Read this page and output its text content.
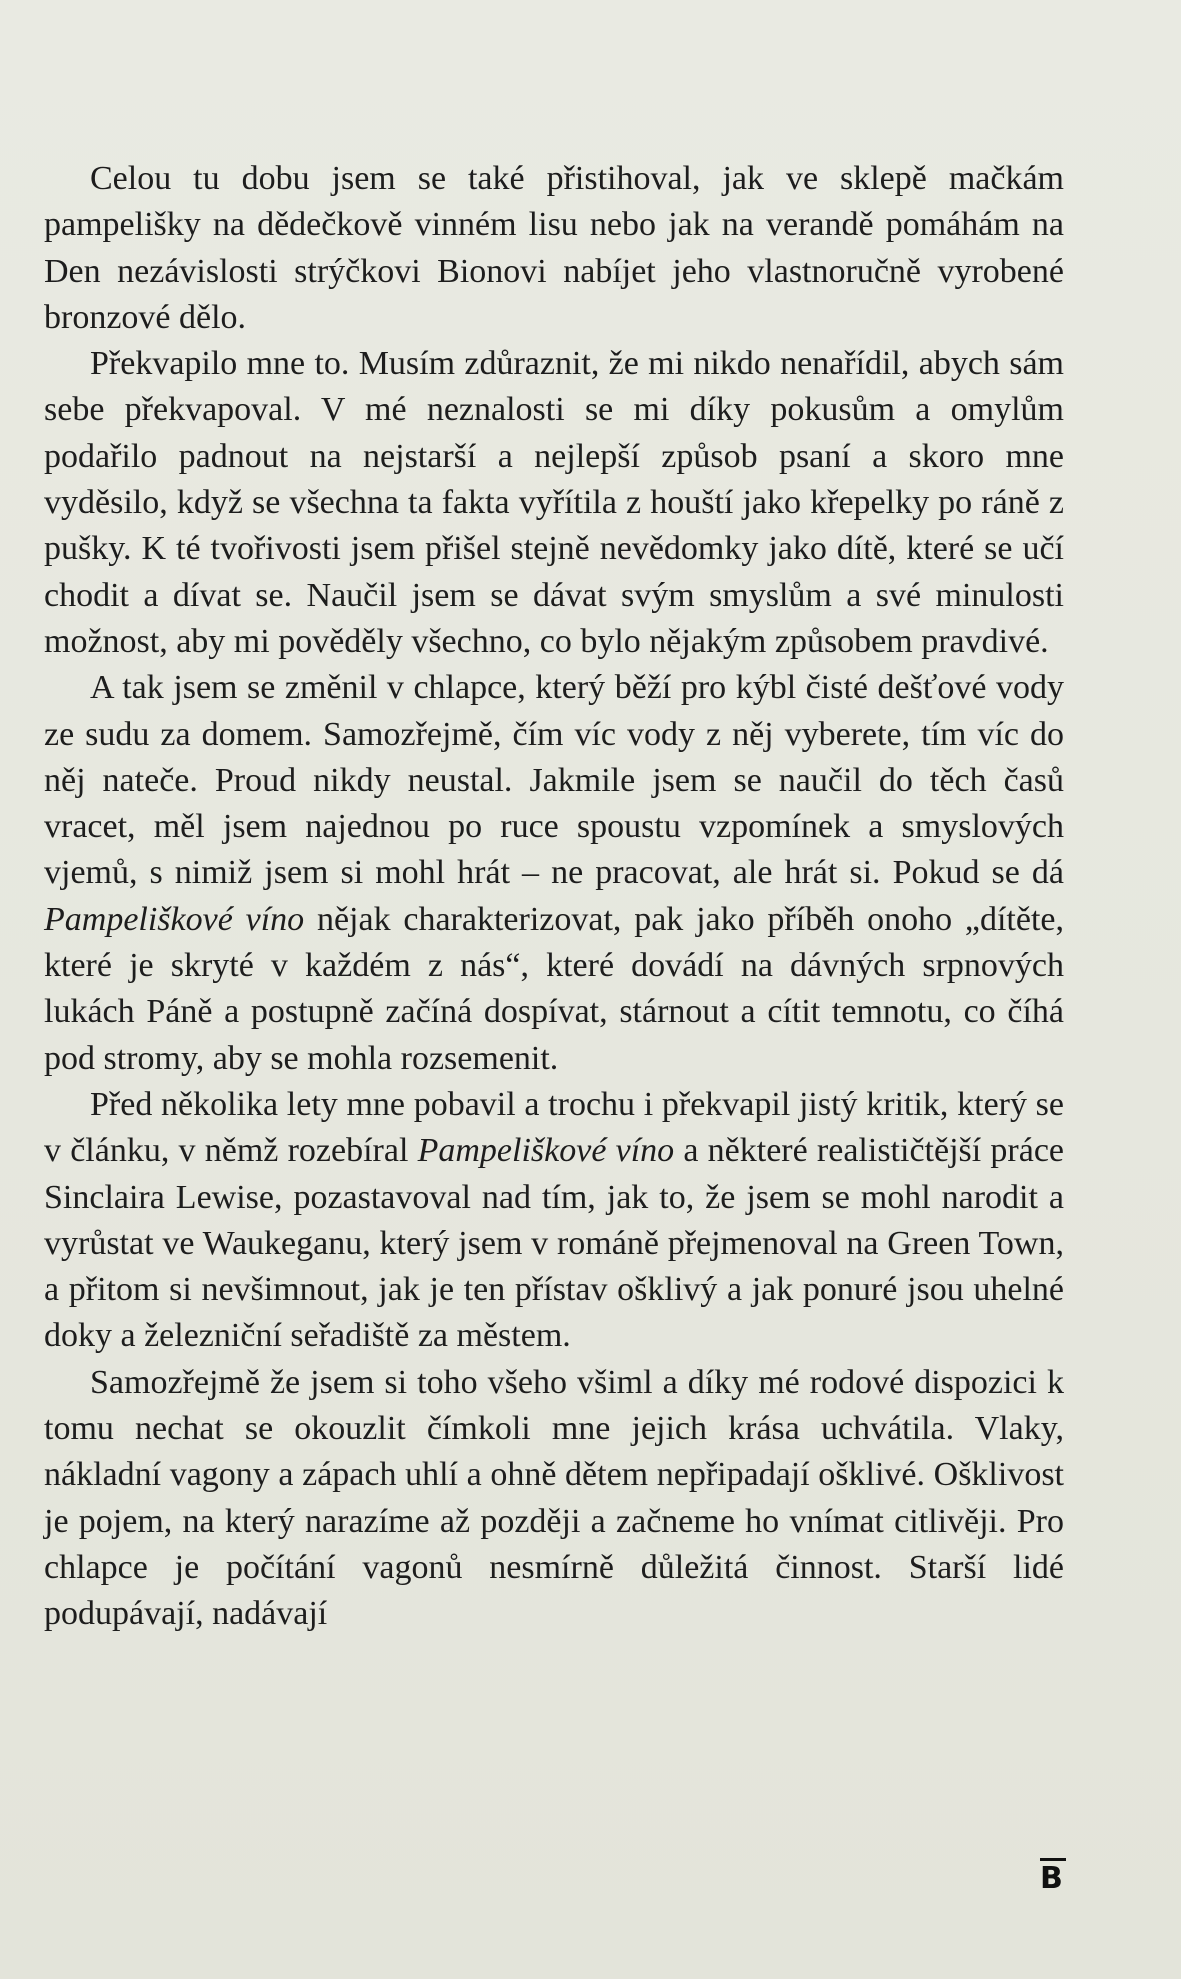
Celou tu dobu jsem se také přistihoval, jak ve sklepě mačkám pampelišky na dědečkově vinném lisu nebo jak na verandě pomáhám na Den nezávislosti strýčkovi Bionovi nabíjet jeho vlastnoručně vyrobené bronzové dělo.

Překvapilo mne to. Musím zdůraznit, že mi nikdo nenařídil, abych sám sebe překvapoval. V mé neznalosti se mi díky pokusům a omylům podařilo padnout na nejstarší a nejlepší způsob psaní a skoro mne vyděsilo, když se všechna ta fakta vyřítila z houští jako křepelky po ráně z pušky. K té tvořivosti jsem přišel stejně nevědomky jako dítě, které se učí chodit a dívat se. Naučil jsem se dávat svým smyslům a své minulosti možnost, aby mi pověděly všechno, co bylo nějakým způsobem pravdivé.

A tak jsem se změnil v chlapce, který běží pro kýbl čisté dešťové vody ze sudu za domem. Samozřejmě, čím víc vody z něj vyberete, tím víc do něj nateče. Proud nikdy neustal. Jakmile jsem se naučil do těch časů vracet, měl jsem najednou po ruce spoustu vzpomínek a smyslových vjemů, s nimiž jsem si mohl hrát – ne pracovat, ale hrát si. Pokud se dá Pampeliškové víno nějak charakterizovat, pak jako příběh onoho „dítěte, které je skryté v každém z nás“, které dovádí na dávných srpnových lukách Páně a postupně začíná dospívat, stárnout a cítit temnotu, co číhá pod stromy, aby se mohla rozsemenit.

Před několika lety mne pobavil a trochu i překvapil jistý kritik, který se v článku, v němž rozebíral Pampeliškové víno a některé realističtější práce Sinclaira Lewise, pozastavoval nad tím, jak to, že jsem se mohl narodit a vyrůstat ve Waukeganu, který jsem v románě přejmenoval na Green Town, a přitom si nevšimnout, jak je ten přístav ošklivý a jak ponuré jsou uhelné doky a železniční seřadiště za městem.

Samozřejmě že jsem si toho všeho všiml a díky mé rodové dispozici k tomu nechat se okouzlit čímkoli mne jejich krása uchvátila. Vlaky, nákladní vagony a zápach uhlí a ohně dětem nepřipadají ošklivé. Ošklivost je pojem, na který narazíme až později a začneme ho vnímat citlivěji. Pro chlapce je počítání vagonů nesmírně důležitá činnost. Starší lidé podupávají, nadávají

B
